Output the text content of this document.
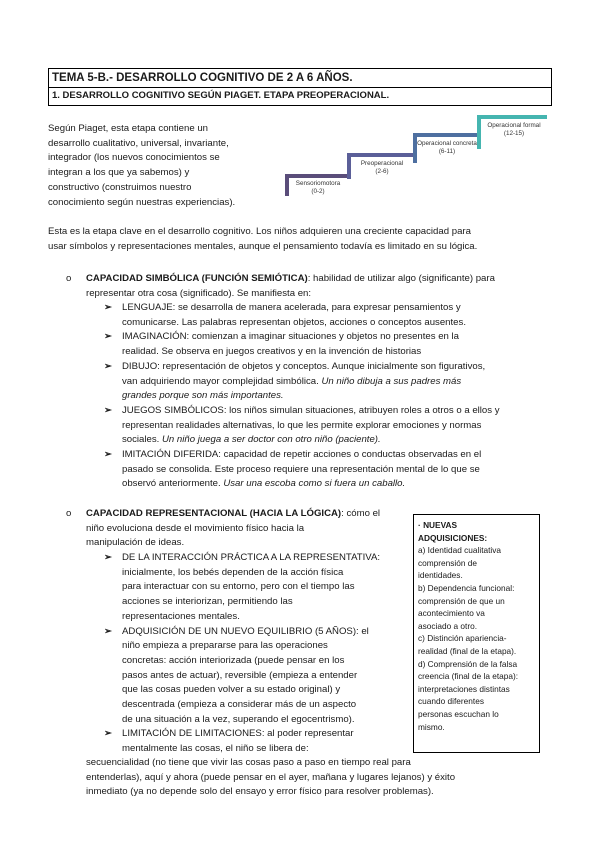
TEMA 5-B.- DESARROLLO COGNITIVO DE 2 A 6 AÑOS.
1. DESARROLLO COGNITIVO SEGÚN PIAGET. ETAPA PREOPERACIONAL.
Según Piaget, esta etapa contiene un
desarrollo cualitativo, universal, invariante,
integrador (los nuevos conocimientos se
integran a los que ya sabemos) y
constructivo (construimos nuestro
conocimiento según nuestras experiencias).
Sensoriomotora
(0-2)
Preoperacional
(2-6)
Operacional concreta
(6-11)
Operacional formal
(12-15)
Esta es la etapa clave en el desarrollo cognitivo. Los niños adquieren una creciente capacidad para
usar símbolos y representaciones mentales, aunque el pensamiento todavía es limitado en su lógica.
o CAPACIDAD SIMBÓLICA (FUNCIÓN SEMIÓTICA): habilidad de utilizar algo (significante) para
representar otra cosa (significado). Se manifiesta en:
➢
➢
➢
➢
➢
LENGUAJE: se desarrolla de manera acelerada, para expresar pensamientos y
comunicarse. Las palabras representan objetos, acciones o conceptos ausentes.
IMAGINACIÓN: comienzan a imaginar situaciones y objetos no presentes en la
realidad. Se observa en juegos creativos y en la invención de historias
DIBUJO: representación de objetos y conceptos. Aunque inicialmente son figurativos,
van adquiriendo mayor complejidad simbólica. Un niño dibuja a sus padres más
grandes porque son más importantes.
JUEGOS SIMBÓLICOS: los niños simulan situaciones, atribuyen roles a otros o a ellos y
representan realidades alternativas, lo que les permite explorar emociones y normas
sociales. Un niño juega a ser doctor con otro niño (paciente).
IMITACIÓN DIFERIDA: capacidad de repetir acciones o conductas observadas en el
pasado se consolida. Este proceso requiere una representación mental de lo que se
observó anteriormente. Usar una escoba como si fuera un caballo.
o CAPACIDAD REPRESENTACIONAL (HACIA LA LÓGICA): cómo el
niño evoluciona desde el movimiento físico hacia la
manipulación de ideas.
➢
➢
➢
DE LA INTERACCIÓN PRÁCTICA A LA REPRESENTATIVA:
inicialmente, los bebés dependen de la acción física
para interactuar con su entorno, pero con el tiempo las
acciones se interiorizan, permitiendo las
representaciones mentales.
ADQUISICIÓN DE UN NUEVO EQUILIBRIO (5 AÑOS): el
niño empieza a prepararse para las operaciones
concretas: acción interiorizada (puede pensar en los
pasos antes de actuar), reversible (empieza a entender
que las cosas pueden volver a su estado original) y
descentrada (empieza a considerar más de un aspecto
de una situación a la vez, superando el egocentrismo).
LIMITACIÓN DE LIMITACIONES: al poder representar
mentalmente las cosas, el niño se libera de:
secuencialidad (no tiene que vivir las cosas paso a paso en tiempo real para
entenderlas), aquí y ahora (puede pensar en el ayer, mañana y lugares lejanos) y éxito
inmediato (ya no depende solo del ensayo y error físico para resolver problemas).
· NUEVAS
ADQUISICIONES:
a) Identidad cualitativa
comprensión de
identidades.
b) Dependencia funcional:
comprensión de que un
acontecimiento va
asociado a otro.
c) Distinción apariencia-
realidad (final de la etapa).
d) Comprensión de la falsa
creencia (final de la etapa):
interpretaciones distintas
cuando diferentes
personas escuchan lo
mismo.
